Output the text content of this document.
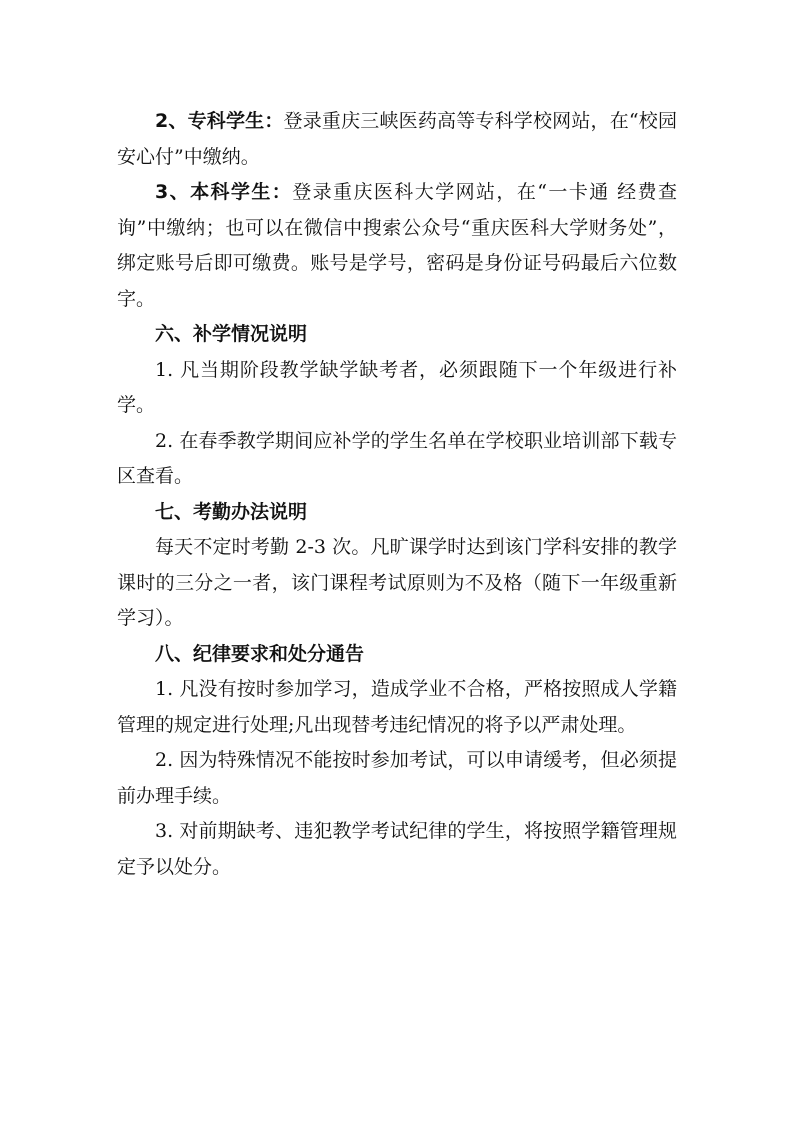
2、专科学生：登录重庆三峡医药高等专科学校网站，在“校园安心付”中缴纳。

3、本科学生：登录重庆医科大学网站，在“一卡通 经费查询”中缴纳；也可以在微信中搜索公众号“重庆医科大学财务处”，绑定账号后即可缴费。账号是学号，密码是身份证号码最后六位数字。

六、补学情况说明

1. 凡当期阶段教学缺学缺考者，必须跟随下一个年级进行补学。

2. 在春季教学期间应补学的学生名单在学校职业培训部下载专区查看。

七、考勤办法说明

每天不定时考勤 2-3 次。凡旷课学时达到该门学科安排的教学课时的三分之一者，该门课程考试原则为不及格（随下一年级重新学习）。

八、纪律要求和处分通告

1. 凡没有按时参加学习，造成学业不合格，严格按照成人学籍管理的规定进行处理;凡出现替考违纪情况的将予以严肃处理。

2. 因为特殊情况不能按时参加考试，可以申请缓考，但必须提前办理手续。

3. 对前期缺考、违犯教学考试纪律的学生，将按照学籍管理规定予以处分。
